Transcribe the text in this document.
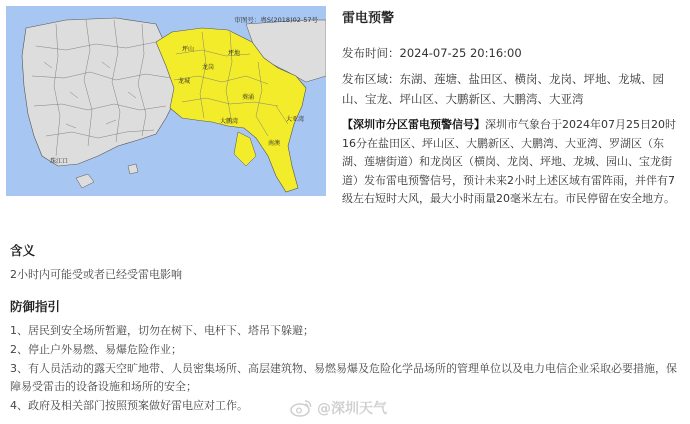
审图号：粤S(2018)02-57号
坪山
龙岗
龙城
坪地
葵涌
大鹏湾	大亚湾
南澳
珠江口
雷电预警
发布时间：2024-07-25 20:16:00
发布区域：东湖、莲塘、盐田区、横岗、龙岗、坪地、龙城、园山、宝龙、坪山区、大鹏新区、大鹏湾、大亚湾
【深圳市分区雷电预警信号】深圳市气象台于2024年07月25日20时16分在盐田区、坪山区、大鹏新区、大鹏湾、大亚湾、罗湖区（东湖、莲塘街道）和龙岗区（横岗、龙岗、坪地、龙城、园山、宝龙街道）发布雷电预警信号，预计未来2小时上述区域有雷阵雨，并伴有7级左右短时大风，最大小时雨量20毫米左右。市民停留在安全地方。
含义

2小时内可能受或者已经受雷电影响

防御指引
1、居民到安全场所暂避，切勿在树下、电杆下、塔吊下躲避；
2、停止户外易燃、易爆危险作业；
3、有人员活动的露天空旷地带、人员密集场所、高层建筑物、易燃易爆及危险化学品场所的管理单位以及电力电信企业采取必要措施，保障易受雷击的设备设施和场所的安全；
4、政府及相关部门按照预案做好雷电应对工作。	@深圳天气
